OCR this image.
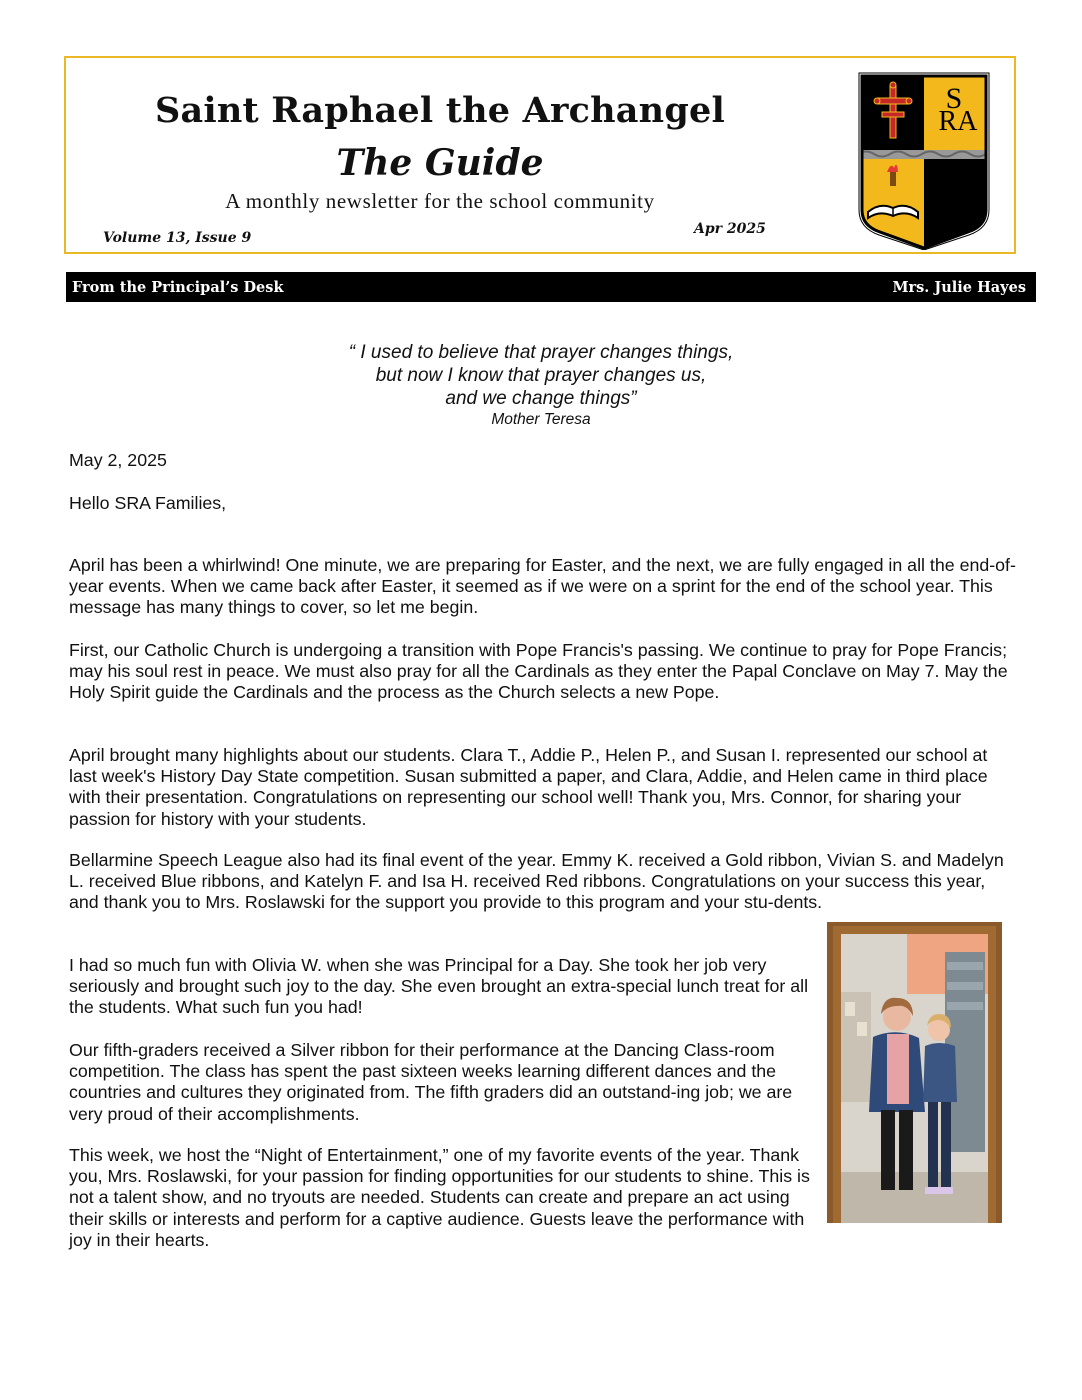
Saint Raphael the Archangel
The Guide
A monthly newsletter for the school community
Volume 13, Issue 9
Apr 2025
S
RA
From the Principal’s Desk	Mrs. Julie Hayes
“ I used to believe that prayer changes things,
but now I know that prayer changes us,
and we change things”
Mother Teresa

May 2, 2025

Hello SRA Families,

April has been a whirlwind! One minute, we are preparing for Easter, and the next, we are fully engaged in all the end-of-year events. When we came back after Easter, it seemed as if we were on a sprint for the end of the school year. This message has many things to cover, so let me begin.

First, our Catholic Church is undergoing a transition with Pope Francis's passing. We continue to pray for Pope Francis; may his soul rest in peace. We must also pray for all the Cardinals as they enter the Papal Conclave on May 7. May the Holy Spirit guide the Cardinals and the process as the Church selects a new Pope.

April brought many highlights about our students. Clara T., Addie P., Helen P., and Susan I. represented our school at last week's History Day State competition. Susan submitted a paper, and Clara, Addie, and Helen came in third place with their presentation. Congratulations on representing our school well! Thank you, Mrs. Connor, for sharing your passion for history with your students.

Bellarmine Speech League also had its final event of the year. Emmy K. received a Gold ribbon, Vivian S. and Madelyn L. received Blue ribbons, and Katelyn F. and Isa H. received Red ribbons. Congratulations on your success this year, and thank you to Mrs. Roslawski for the support you provide to this program and your stu-dents.

I had so much fun with Olivia W. when she was Principal for a Day. She took her job very seriously and brought such joy to the day. She even brought an extra-special lunch treat for all the students. What such fun you had!

Our fifth-graders received a Silver ribbon for their performance at the Dancing Class-room competition. The class has spent the past sixteen weeks learning different dances and the countries and cultures they originated from. The fifth graders did an outstand-ing job; we are very proud of their accomplishments.

This week, we host the “Night of Entertainment,” one of my favorite events of the year. Thank you, Mrs. Roslawski, for your passion for finding opportunities for our students to shine. This is not a talent show, and no tryouts are needed. Students can create and prepare an act using their skills or interests and perform for a captive audience. Guests leave the performance with joy in their hearts.
